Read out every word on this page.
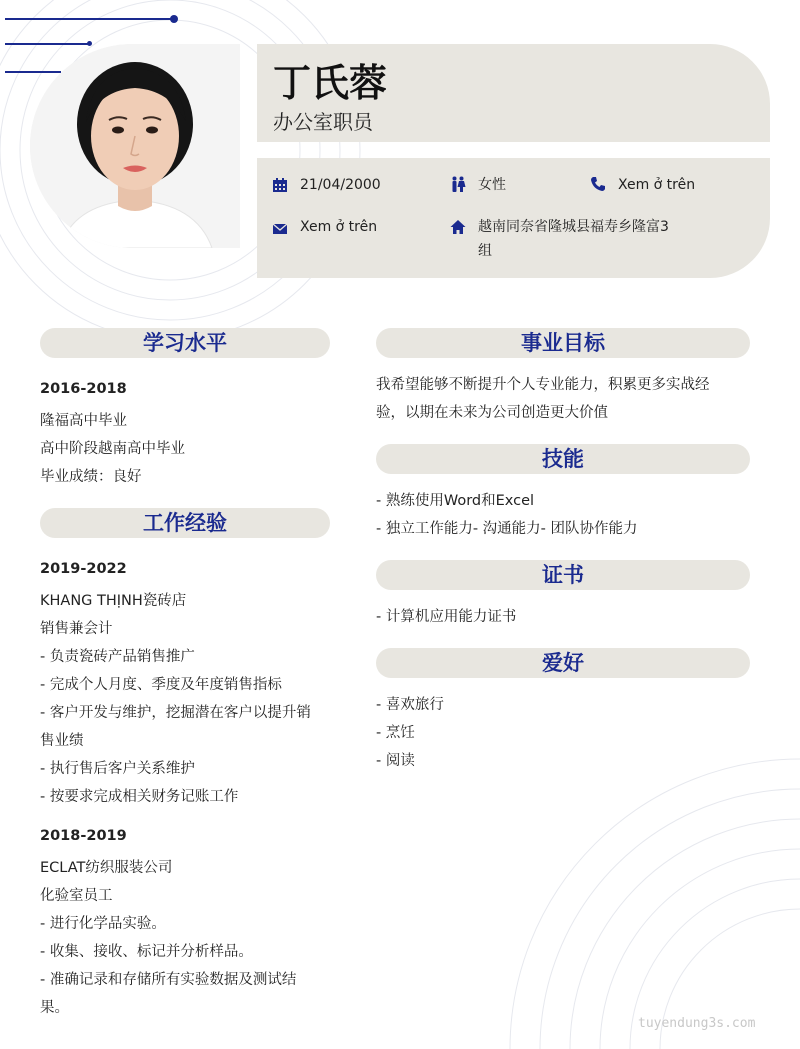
丁氏蓉
办公室职员
21/04/2000	女性	Xem ở trên
Xem ở trên	越南同奈省隆城县福寿乡隆富3
组
学习水平
2016-2018
隆福高中毕业
高中阶段越南高中毕业
毕业成绩：良好
工作经验
2019-2022
KHANG THỊNH瓷砖店
销售兼会计
- 负责瓷砖产品销售推广
- 完成个人月度、季度及年度销售指标
- 客户开发与维护，挖掘潜在客户以提升销
售业绩
- 执行售后客户关系维护
- 按要求完成相关财务记账工作
2018-2019
ECLAT纺织服装公司
化验室员工
- 进行化学品实验。
- 收集、接收、标记并分析样品。
- 准确记录和存储所有实验数据及测试结
果。
事业目标
我希望能够不断提升个人专业能力，积累更多实战经
验，以期在未来为公司创造更大价值
技能
- 熟练使用Word和Excel
- 独立工作能力- 沟通能力- 团队协作能力
证书
- 计算机应用能力证书
爱好
- 喜欢旅行
- 烹饪
- 阅读
tuyendung3s.com
